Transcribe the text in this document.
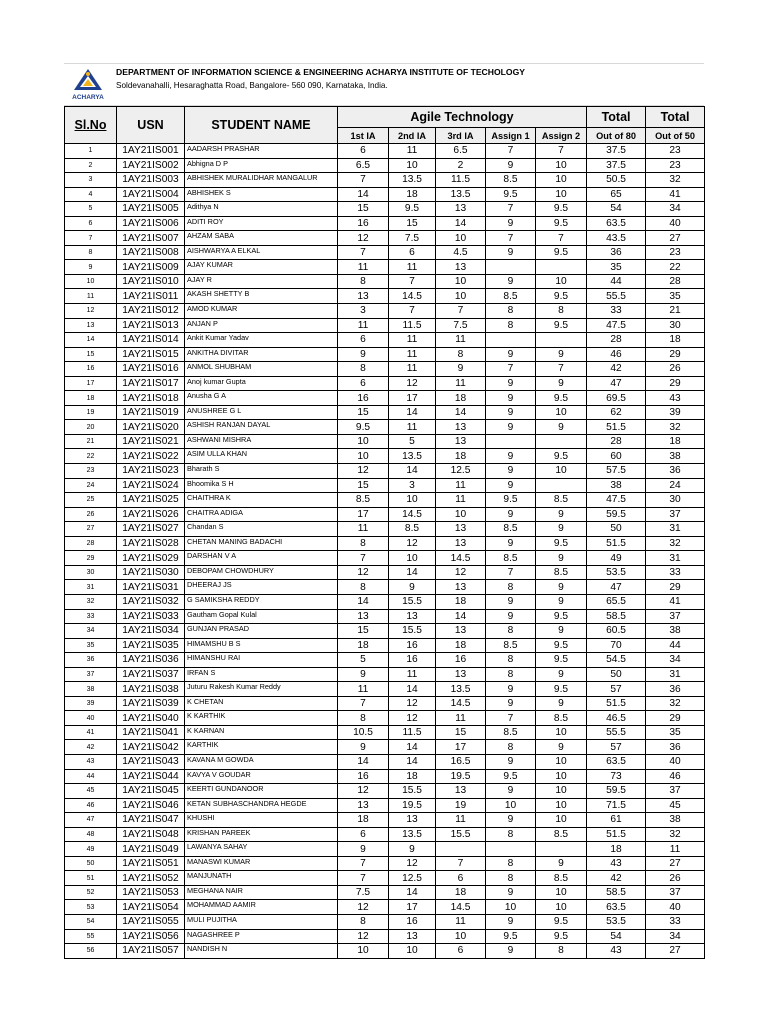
ACHARYA
DEPARTMENT OF INFORMATION SCIENCE & ENGINEERING ACHARYA INSTITUTE OF TECHOLOGY
Soldevanahalli, Hesaraghatta Road, Bangalore- 560 090, Karnataka, India.
Sl.No	USN	STUDENT NAME	Agile Technology					Total	Total
			1st IA	2nd IA	3rd IA	Assign 1	Assign 2	Out of 80	Out of 50
1	1AY21IS001	AADARSH PRASHAR	6	11	6.5	7	7	37.5	23
2	1AY21IS002	Abhigna D P	6.5	10	2	9	10	37.5	23
3	1AY21IS003	ABHISHEK MURALIDHAR MANGALUR	7	13.5	11.5	8.5	10	50.5	32
4	1AY21IS004	ABHISHEK S	14	18	13.5	9.5	10	65	41
5	1AY21IS005	Adithya N	15	9.5	13	7	9.5	54	34
6	1AY21IS006	ADITI ROY	16	15	14	9	9.5	63.5	40
7	1AY21IS007	AHZAM SABA	12	7.5	10	7	7	43.5	27
8	1AY21IS008	AISHWARYA A ELKAL	7	6	4.5	9	9.5	36	23
9	1AY21IS009	AJAY KUMAR	11	11	13			35	22
10	1AY21IS010	AJAY R	8	7	10	9	10	44	28
11	1AY21IS011	AKASH SHETTY B	13	14.5	10	8.5	9.5	55.5	35
12	1AY21IS012	AMOD KUMAR	3	7	7	8	8	33	21
13	1AY21IS013	ANJAN P	11	11.5	7.5	8	9.5	47.5	30
14	1AY21IS014	Ankit Kumar Yadav	6	11	11			28	18
15	1AY21IS015	ANKITHA DIVITAR	9	11	8	9	9	46	29
16	1AY21IS016	ANMOL SHUBHAM	8	11	9	7	7	42	26
17	1AY21IS017	Anoj kumar Gupta	6	12	11	9	9	47	29
18	1AY21IS018	Anusha G A	16	17	18	9	9.5	69.5	43
19	1AY21IS019	ANUSHREE G L	15	14	14	9	10	62	39
20	1AY21IS020	ASHISH RANJAN DAYAL	9.5	11	13	9	9	51.5	32
21	1AY21IS021	ASHWANI MISHRA	10	5	13			28	18
22	1AY21IS022	ASIM ULLA KHAN	10	13.5	18	9	9.5	60	38
23	1AY21IS023	Bharath S	12	14	12.5	9	10	57.5	36
24	1AY21IS024	Bhoomika S H	15	3	11	9		38	24
25	1AY21IS025	CHAITHRA K	8.5	10	11	9.5	8.5	47.5	30
26	1AY21IS026	CHAITRA ADIGA	17	14.5	10	9	9	59.5	37
27	1AY21IS027	Chandan S	11	8.5	13	8.5	9	50	31
28	1AY21IS028	CHETAN MANING BADACHI	8	12	13	9	9.5	51.5	32
29	1AY21IS029	DARSHAN V A	7	10	14.5	8.5	9	49	31
30	1AY21IS030	DEBOPAM CHOWDHURY	12	14	12	7	8.5	53.5	33
31	1AY21IS031	DHEERAJ JS	8	9	13	8	9	47	29
32	1AY21IS032	G SAMIKSHA REDDY	14	15.5	18	9	9	65.5	41
33	1AY21IS033	Gautham Gopal Kulal	13	13	14	9	9.5	58.5	37
34	1AY21IS034	GUNJAN PRASAD	15	15.5	13	8	9	60.5	38
35	1AY21IS035	HIMAMSHU B S	18	16	18	8.5	9.5	70	44
36	1AY21IS036	HIMANSHU RAI	5	16	16	8	9.5	54.5	34
37	1AY21IS037	IRFAN S	9	11	13	8	9	50	31
38	1AY21IS038	Juturu Rakesh Kumar Reddy	11	14	13.5	9	9.5	57	36
39	1AY21IS039	K CHETAN	7	12	14.5	9	9	51.5	32
40	1AY21IS040	K KARTHIK	8	12	11	7	8.5	46.5	29
41	1AY21IS041	K KARNAN	10.5	11.5	15	8.5	10	55.5	35
42	1AY21IS042	KARTHIK	9	14	17	8	9	57	36
43	1AY21IS043	KAVANA M GOWDA	14	14	16.5	9	10	63.5	40
44	1AY21IS044	KAVYA V GOUDAR	16	18	19.5	9.5	10	73	46
45	1AY21IS045	KEERTI GUNDANOOR	12	15.5	13	9	10	59.5	37
46	1AY21IS046	KETAN SUBHASCHANDRA HEGDE	13	19.5	19	10	10	71.5	45
47	1AY21IS047	KHUSHI	18	13	11	9	10	61	38
48	1AY21IS048	KRISHAN PAREEK	6	13.5	15.5	8	8.5	51.5	32
49	1AY21IS049	LAWANYA SAHAY	9	9				18	11
50	1AY21IS051	MANASWI KUMAR	7	12	7	8	9	43	27
51	1AY21IS052	MANJUNATH	7	12.5	6	8	8.5	42	26
52	1AY21IS053	MEGHANA NAIR	7.5	14	18	9	10	58.5	37
53	1AY21IS054	MOHAMMAD AAMIR	12	17	14.5	10	10	63.5	40
54	1AY21IS055	MULI PUJITHA	8	16	11	9	9.5	53.5	33
55	1AY21IS056	NAGASHREE P	12	13	10	9.5	9.5	54	34
56	1AY21IS057	NANDISH N	10	10	6	9	8	43	27
